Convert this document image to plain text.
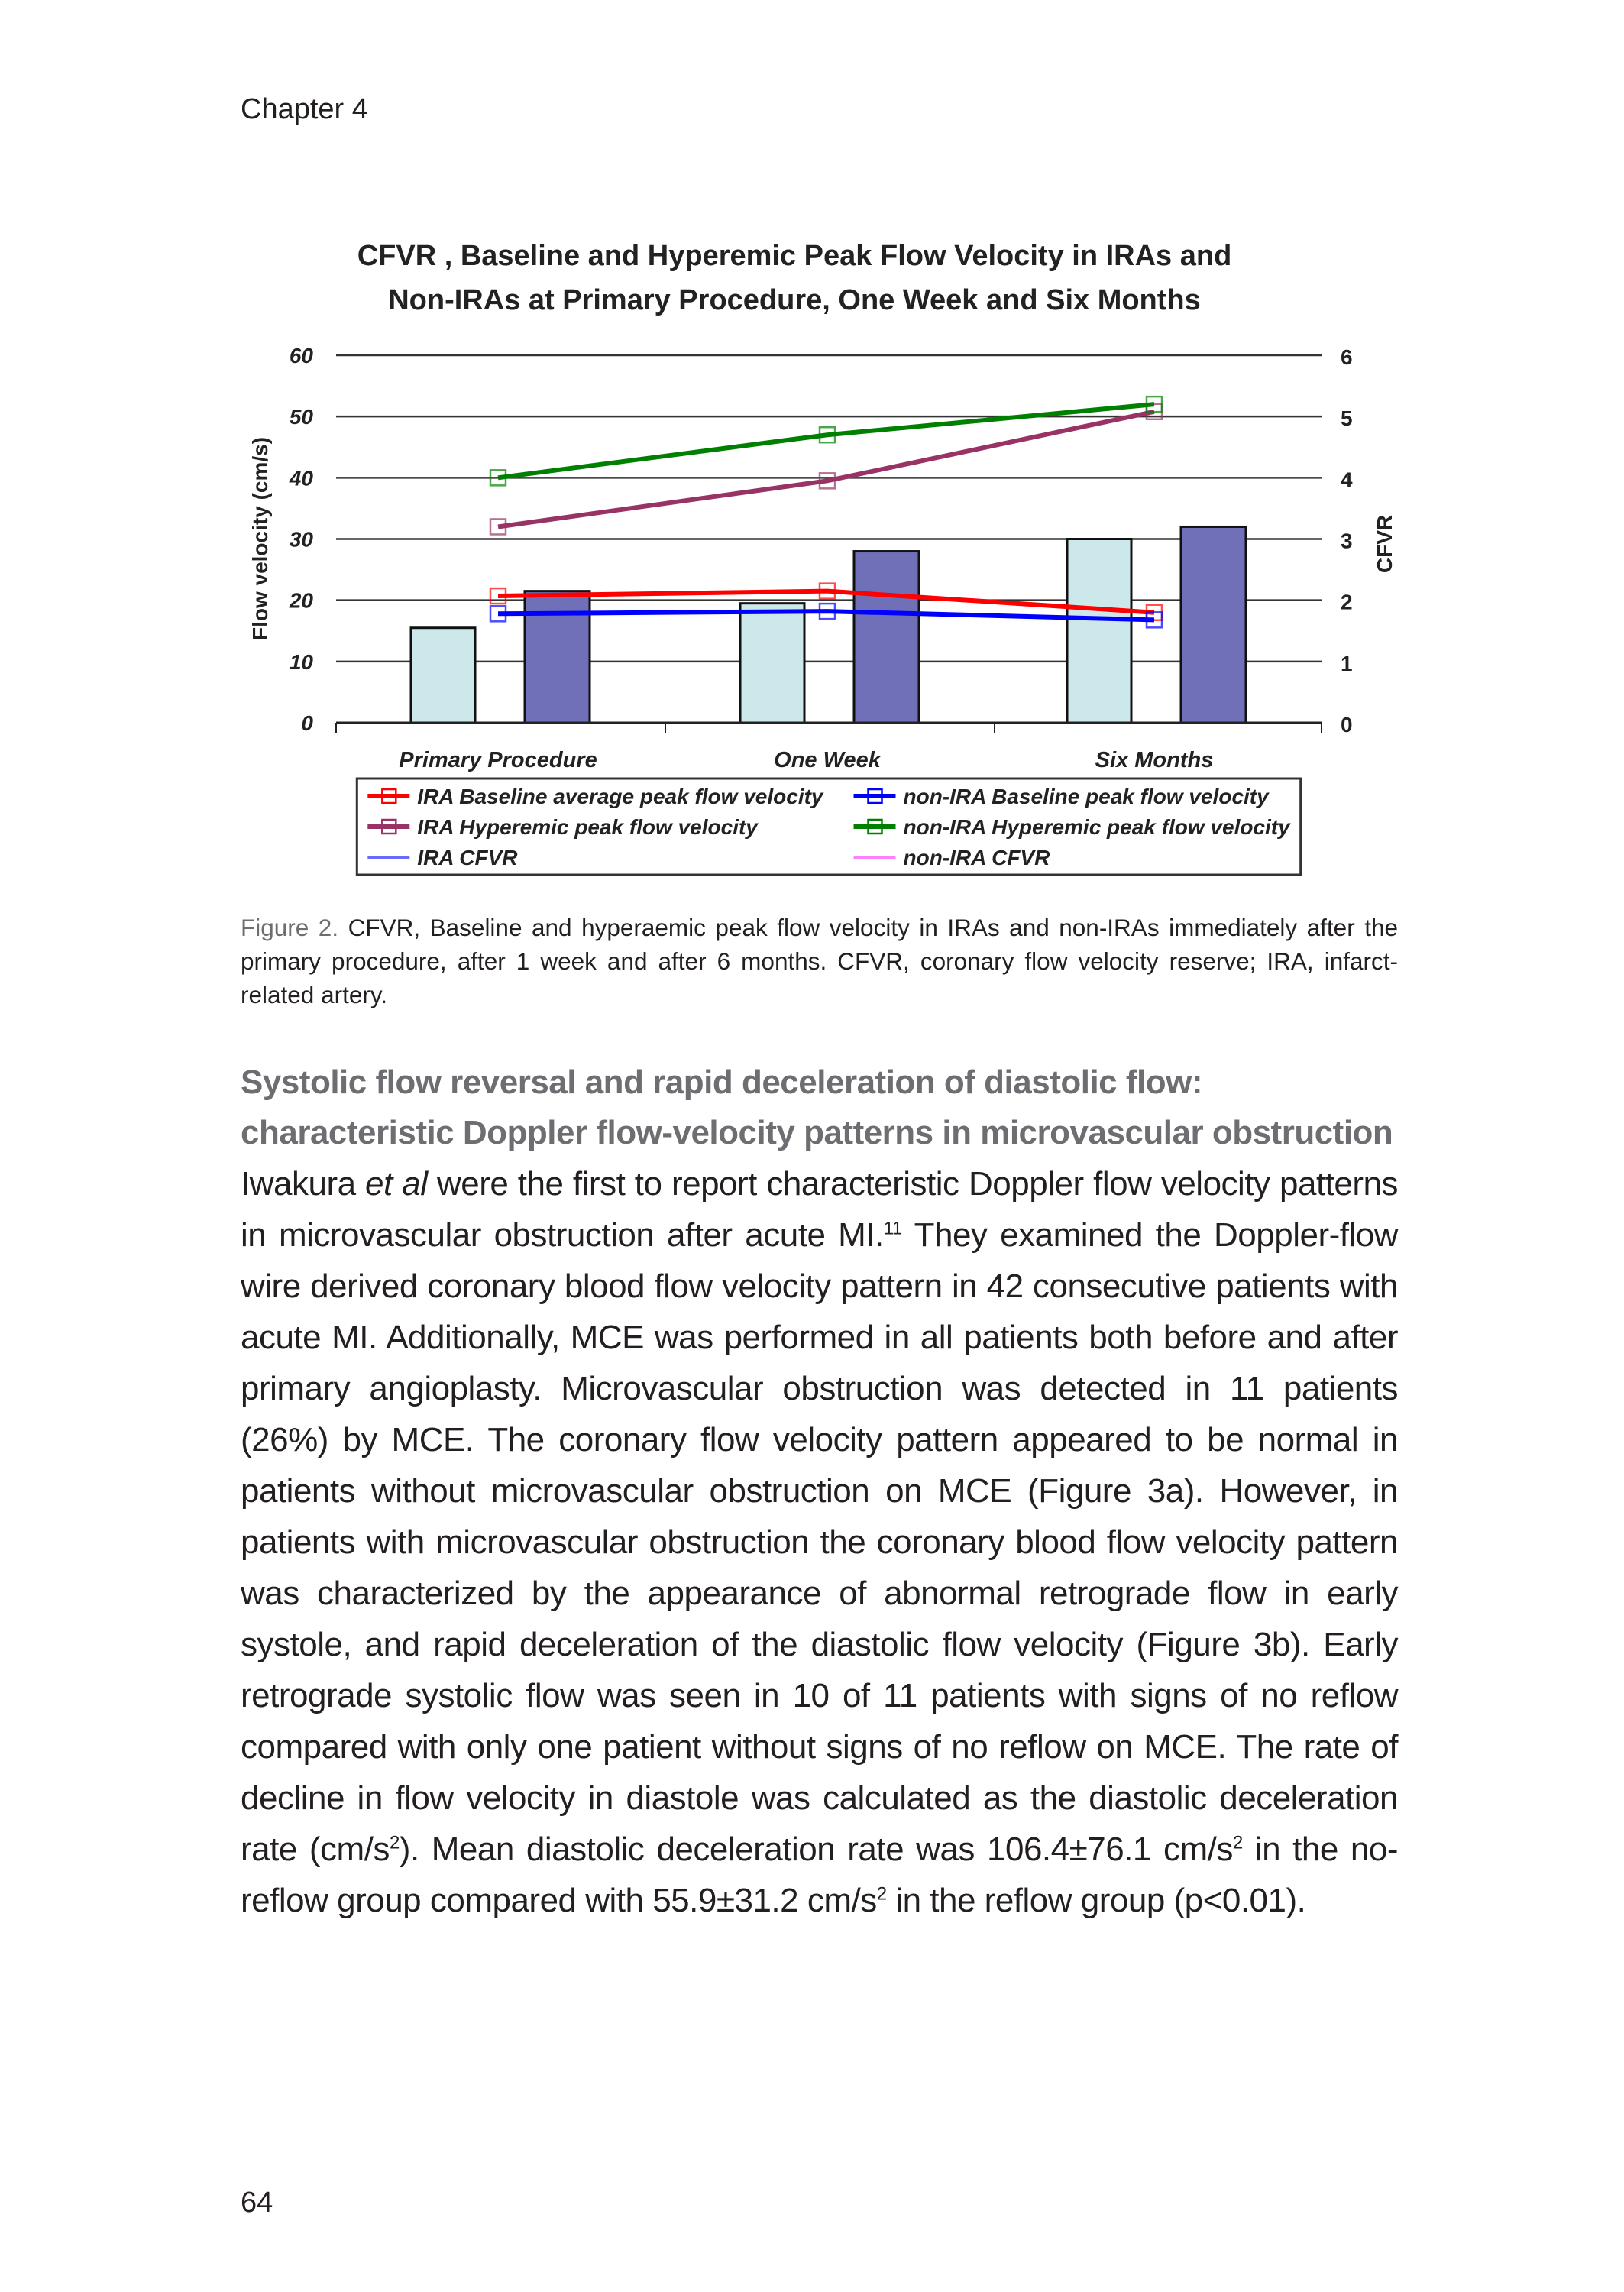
Chapter 4
CFVR , Baseline and Hyperemic Peak Flow Velocity in IRAs and
Non-IRAs at Primary Procedure, One Week and Six Months
0
10
20
30
40
50
60
0
1
2
3
4
5
6
Flow velocity (cm/s)	CFVR
Primary Procedure	One Week	Six Months
IRA Baseline average peak flow velocity	non-IRA Baseline peak flow velocity
IRA Hyperemic peak flow velocity	non-IRA Hyperemic peak flow velocity
IRA CFVR	non-IRA CFVR
Figure 2. CFVR, Baseline and hyperaemic peak flow velocity in IRAs and non-IRAs immediately after the primary procedure, after 1 week and after 6 months. CFVR, coronary flow velocity reserve; IRA, infarct-related artery.
Systolic flow reversal and rapid deceleration of diastolic flow: characteristic Doppler flow-velocity patterns in microvascular obstruction
Iwakura et al were the first to report characteristic Doppler flow velocity patterns in microvascular obstruction after acute MI.$^{11}$ They examined the Doppler-flow wire derived coronary blood flow velocity pattern in 42 consecutive patients with acute MI. Additionally, MCE was performed in all patients both before and after primary angioplasty. Microvascular obstruction was detected in 11 patients (26%) by MCE. The coronary flow velocity pattern appeared to be normal in patients without microvascular obstruction on MCE (Figure 3a). However, in patients with microvascular obstruction the coronary blood flow velocity pattern was characterized by the appearance of abnormal retrograde flow in early systole, and rapid deceleration of the diastolic flow velocity (Figure 3b). Early retrograde systolic flow was seen in 10 of 11 patients with signs of no reflow compared with only one patient without signs of no reflow on MCE. The rate of decline in flow velocity in diastole was calculated as the diastolic deceleration rate $(cm/s^2)$. Mean diastolic deceleration rate was 106.4±76.1 $cm/s^2$ in the no-reflow group compared with 55.9±31.2 $cm/s^2$ in the reflow group (p<0.01).
64
